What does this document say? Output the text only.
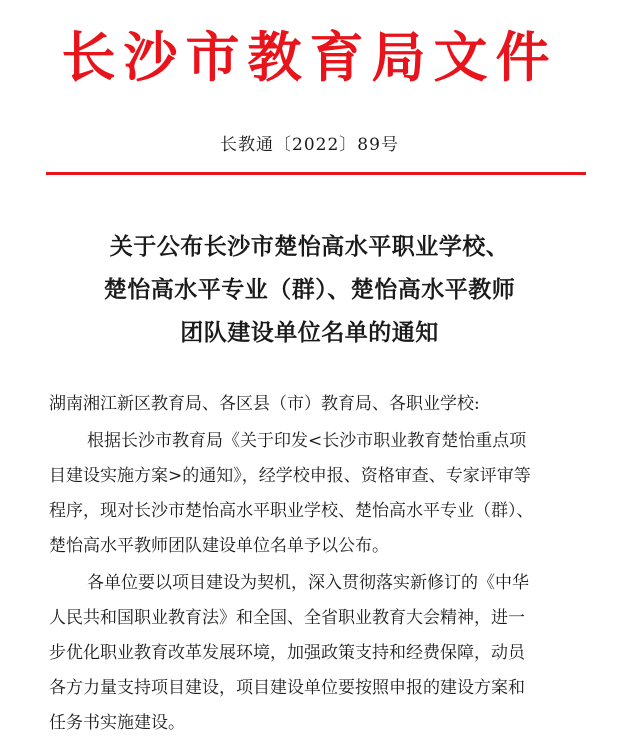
长沙市教育局文件
长教通〔2022〕89号
关于公布长沙市楚怡高水平职业学校、
楚怡高水平专业（群）、楚怡高水平教师
团队建设单位名单的通知
湖南湘江新区教育局、各区县（市）教育局、各职业学校:
根据长沙市教育局《关于印发<长沙市职业教育楚怡重点项
目建设实施方案>的通知》，经学校申报、资格审查、专家评审等
程序，现对长沙市楚怡高水平职业学校、楚怡高水平专业（群）、
楚怡高水平教师团队建设单位名单予以公布。
各单位要以项目建设为契机，深入贯彻落实新修订的《中华
人民共和国职业教育法》和全国、全省职业教育大会精神，进一
步优化职业教育改革发展环境，加强政策支持和经费保障，动员
各方力量支持项目建设，项目建设单位要按照申报的建设方案和
任务书实施建设。
